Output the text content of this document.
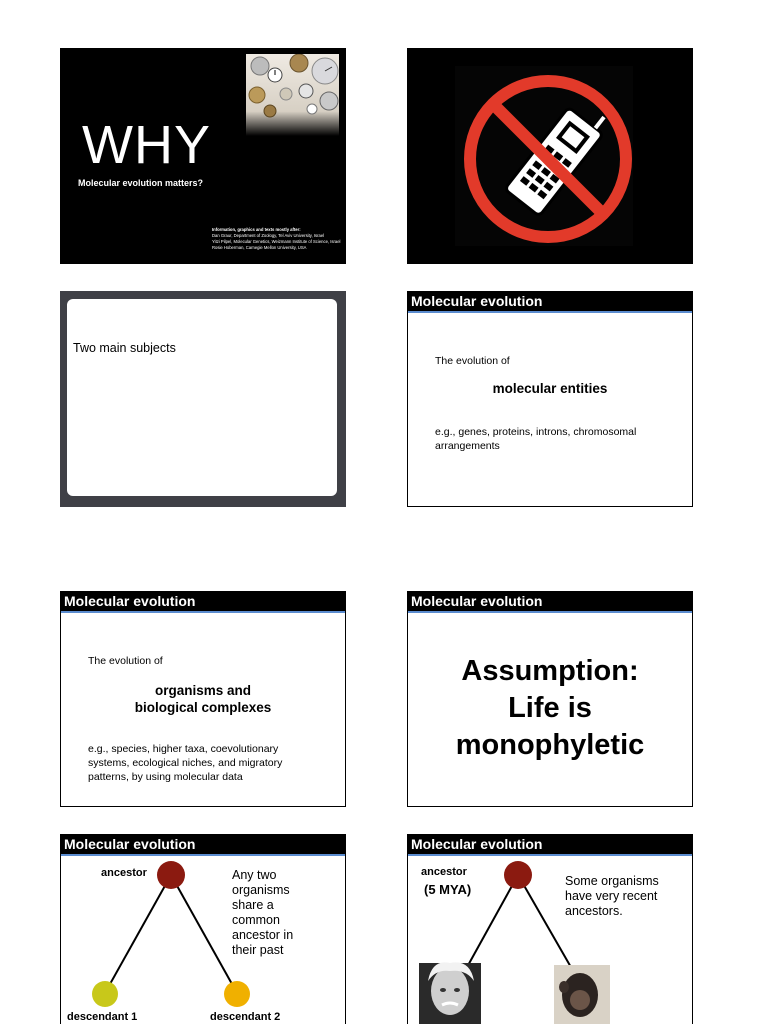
WHY
Molecular evolution matters?
Information, graphics and texts mostly after:
Dan Graur, Department of Zoology, Tel Aviv University, Israel
Yitzi Pilpel, Molecular Genetics, Weizmann Institute of Science, Israel
Rosie Hoberman, Carnegie Mellon University, USA
Two main subjects
Molecular evolution
The evolution of
molecular entities
e.g., genes, proteins, introns, chromosomal
arrangements
Molecular evolution
The evolution of
organisms and
biological complexes
e.g., species, higher taxa, coevolutionary
systems, ecological niches, and migratory
patterns, by using molecular data
Molecular evolution
Assumption:
Life is
monophyletic
Molecular evolution
ancestor
descendant 1	descendant 2
Any two
organisms
share a
common
ancestor in
their past
Molecular evolution
ancestor
(5 MYA)
Some organisms
have very recent
ancestors.
